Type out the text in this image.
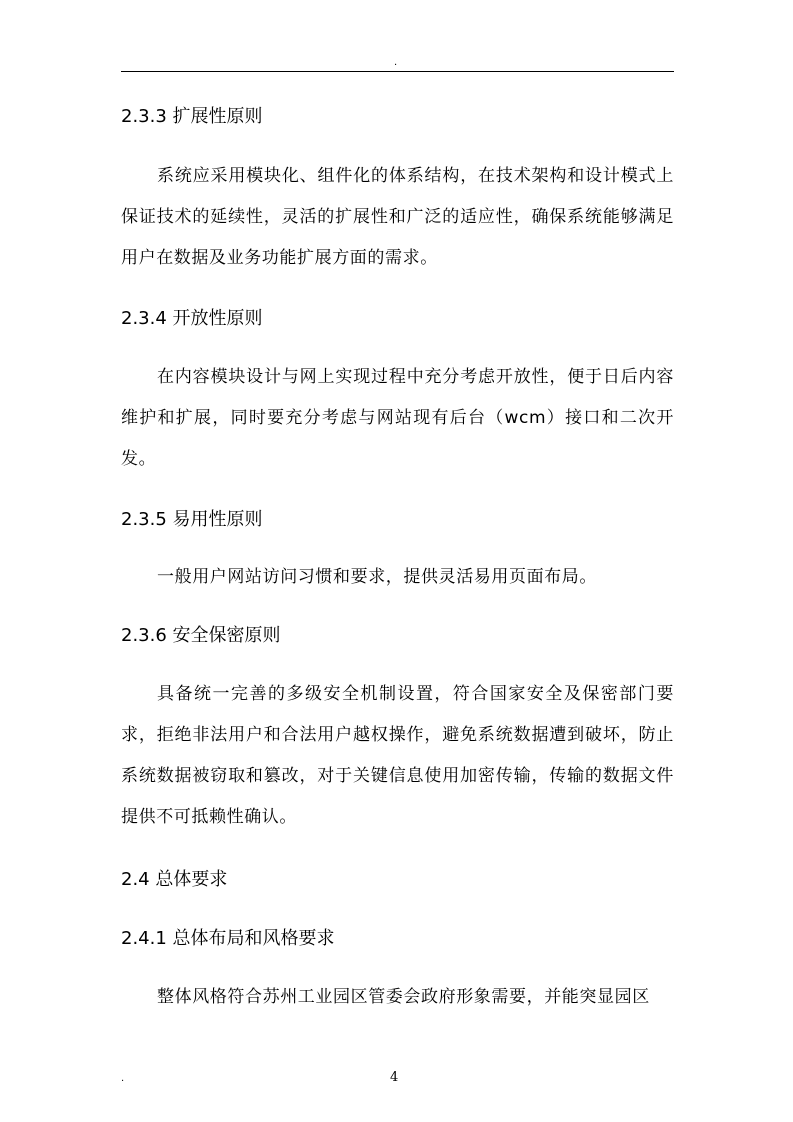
.
2.3.3 扩展性原则

系统应采用模块化、组件化的体系结构，在技术架构和设计模式上保证技术的延续性，灵活的扩展性和广泛的适应性，确保系统能够满足用户在数据及业务功能扩展方面的需求。

2.3.4 开放性原则

在内容模块设计与网上实现过程中充分考虑开放性，便于日后内容维护和扩展，同时要充分考虑与网站现有后台（wcm）接口和二次开发。

2.3.5 易用性原则

一般用户网站访问习惯和要求，提供灵活易用页面布局。

2.3.6 安全保密原则

具备统一完善的多级安全机制设置，符合国家安全及保密部门要求，拒绝非法用户和合法用户越权操作，避免系统数据遭到破坏，防止系统数据被窃取和篡改，对于关键信息使用加密传输，传输的数据文件提供不可抵赖性确认。

2.4 总体要求
2.4.1 总体布局和风格要求

整体风格符合苏州工业园区管委会政府形象需要，并能突显园区

.	4
